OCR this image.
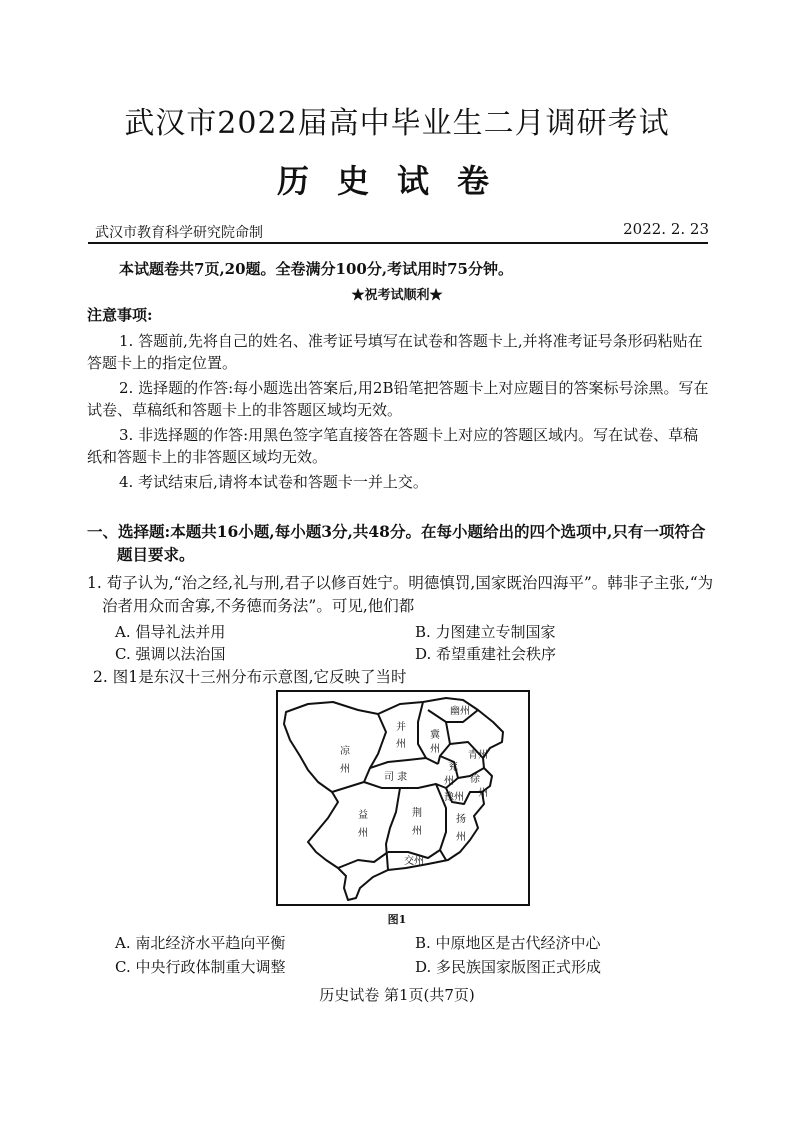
武汉市2022届高中毕业生二月调研考试
历史试卷
武汉市教育科学研究院命制	2022. 2. 23
本试题卷共7页,20题。全卷满分100分,考试用时75分钟。
★祝考试顺利★
注意事项:
1. 答题前,先将自己的姓名、准考证号填写在试卷和答题卡上,并将准考证号条形码粘贴在答题卡上的指定位置。
2. 选择题的作答:每小题选出答案后,用2B铅笔把答题卡上对应题目的答案标号涂黑。写在试卷、草稿纸和答题卡上的非答题区域均无效。
3. 非选择题的作答:用黑色签字笔直接答在答题卡上对应的答题区域内。写在试卷、草稿纸和答题卡上的非答题区域均无效。
4. 考试结束后,请将本试卷和答题卡一并上交。
一、选择题:本题共16小题,每小题3分,共48分。在每小题给出的四个选项中,只有一项符合题目要求。
1. 荀子认为,“治之经,礼与刑,君子以修百姓宁。明德慎罚,国家既治四海平”。韩非子主张,“为治者用众而舍寡,不务德而务法”。可见,他们都
A. 倡导礼法并用	B. 力图建立专制国家
C. 强调以法治国	D. 希望重建社会秩序
2. 图1是东汉十三州分布示意图,它反映了当时
并
州
幽州
凉
州
冀
州
青州
司 隶
兖
州 徐
州
豫州
益
州
荆
州
扬
州
交州
图1
A. 南北经济水平趋向平衡	B. 中原地区是古代经济中心
C. 中央行政体制重大调整	D. 多民族国家版图正式形成
历史试卷 第1页(共7页)
